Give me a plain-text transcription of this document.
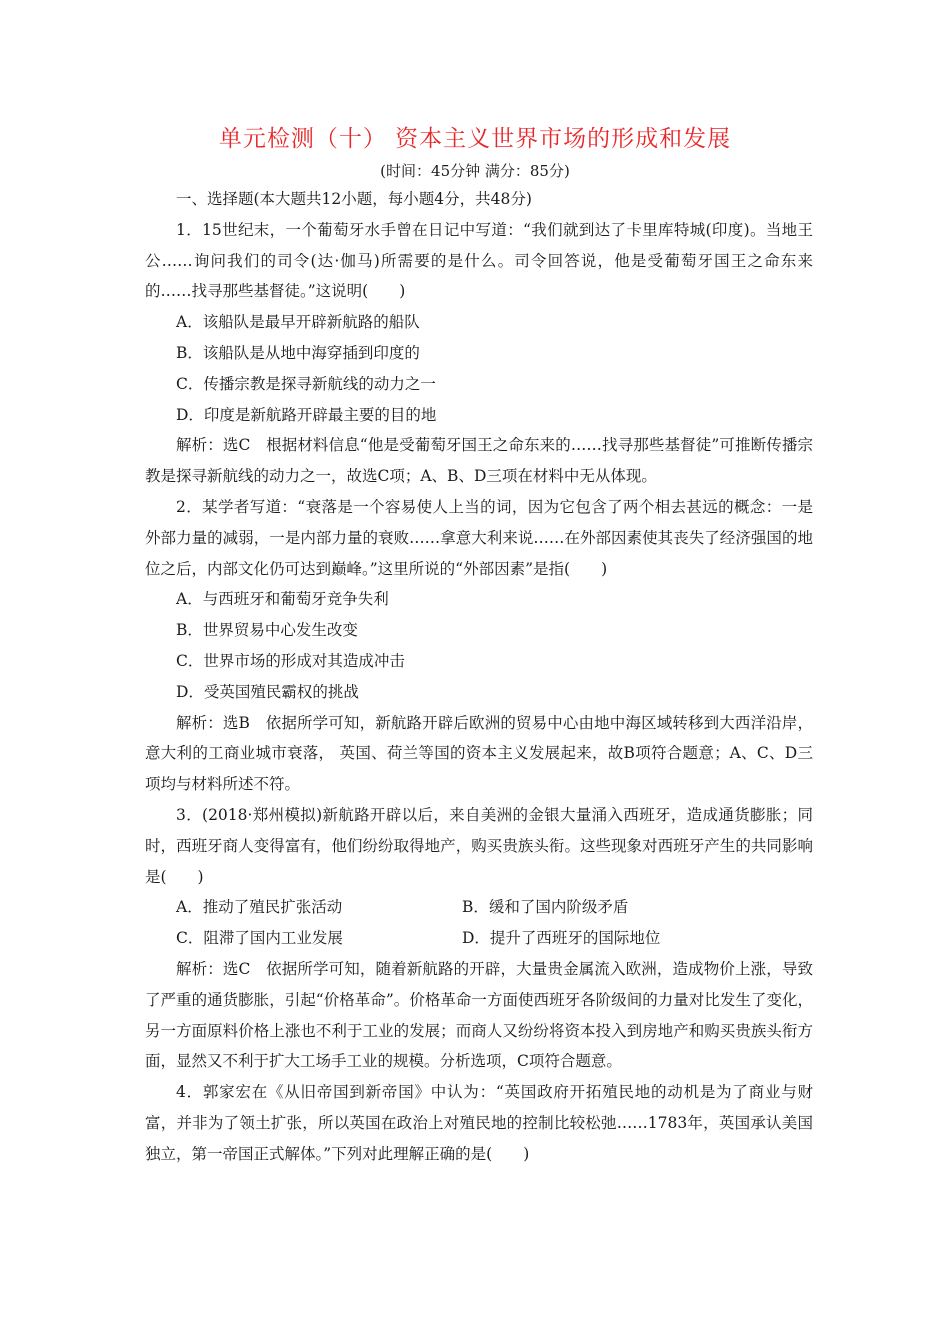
单元检测（十） 资本主义世界市场的形成和发展
(时间：45分钟 满分：85分)

一、选择题(本大题共12小题，每小题4分，共48分)

1．15世纪末，一个葡萄牙水手曾在日记中写道：“我们就到达了卡里库特城(印度)。当地王公……询问我们的司令(达·伽马)所需要的是什么。司令回答说，他是受葡萄牙国王之命东来的……找寻那些基督徒。”这说明(　　)

A．该船队是最早开辟新航路的船队

B．该船队是从地中海穿插到印度的

C．传播宗教是探寻新航线的动力之一

D．印度是新航路开辟最主要的目的地

解析：选C　根据材料信息“他是受葡萄牙国王之命东来的……找寻那些基督徒”可推断传播宗教是探寻新航线的动力之一，故选C项；A、B、D三项在材料中无从体现。

2．某学者写道：“衰落是一个容易使人上当的词，因为它包含了两个相去甚远的概念：一是外部力量的减弱，一是内部力量的衰败……拿意大利来说……在外部因素使其丧失了经济强国的地位之后，内部文化仍可达到巅峰。”这里所说的“外部因素”是指(　　)

A．与西班牙和葡萄牙竞争失利

B．世界贸易中心发生改变

C．世界市场的形成对其造成冲击

D．受英国殖民霸权的挑战

解析：选B　依据所学可知，新航路开辟后欧洲的贸易中心由地中海区域转移到大西洋沿岸， 意大利的工商业城市衰落， 英国、荷兰等国的资本主义发展起来，故B项符合题意；A、C、D三项均与材料所述不符。

3．(2018·郑州模拟)新航路开辟以后，来自美洲的金银大量涌入西班牙，造成通货膨胀；同时，西班牙商人变得富有，他们纷纷取得地产，购买贵族头衔。这些现象对西班牙产生的共同影响是(　　)

A．推动了殖民扩张活动	B．缓和了国内阶级矛盾
C．阻滞了国内工业发展	D．提升了西班牙的国际地位

解析：选C　依据所学可知，随着新航路的开辟，大量贵金属流入欧洲，造成物价上涨，导致了严重的通货膨胀，引起“价格革命”。价格革命一方面使西班牙各阶级间的力量对比发生了变化，另一方面原料价格上涨也不利于工业的发展；而商人又纷纷将资本投入到房地产和购买贵族头衔方面，显然又不利于扩大工场手工业的规模。分析选项，C项符合题意。

4．郭家宏在《从旧帝国到新帝国》中认为：“英国政府开拓殖民地的动机是为了商业与财富，并非为了领土扩张，所以英国在政治上对殖民地的控制比较松弛……1783年，英国承认美国独立，第一帝国正式解体。”下列对此理解正确的是(　　)
